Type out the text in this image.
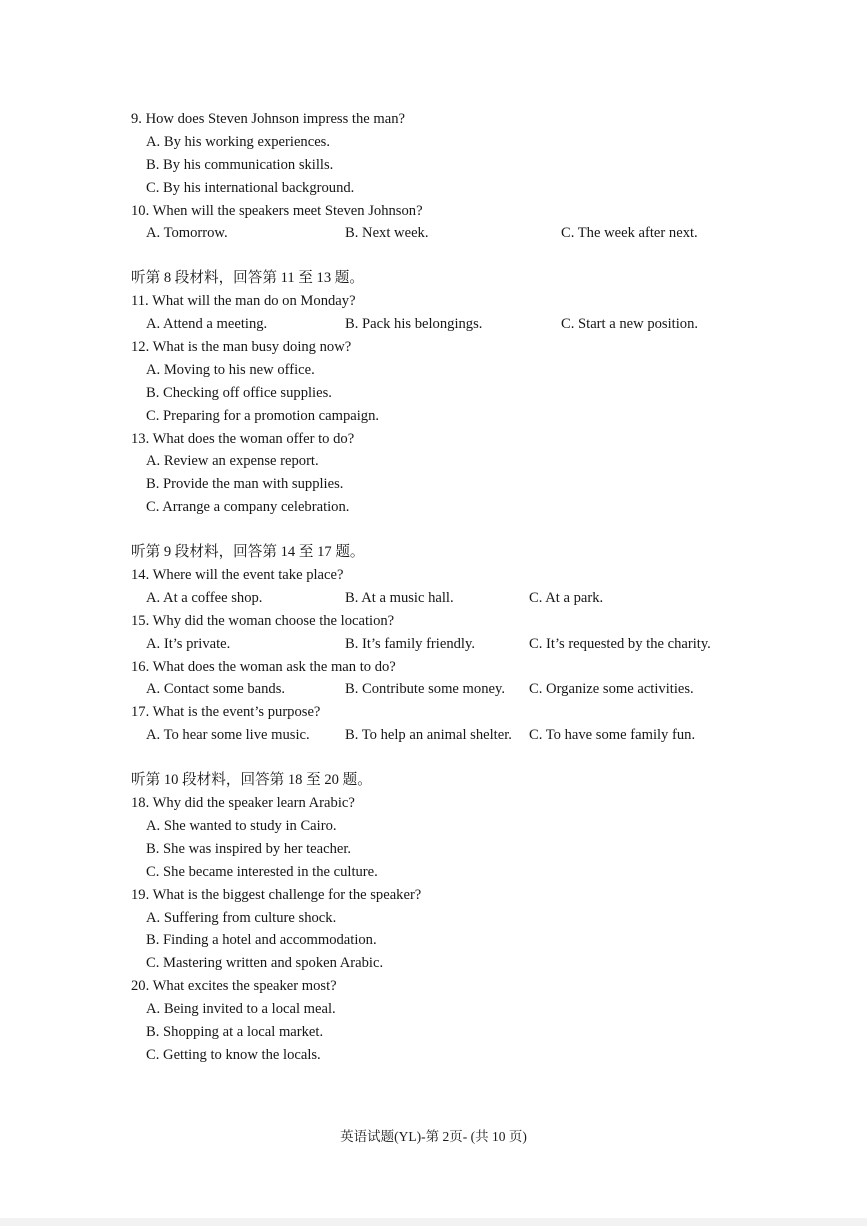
9. How does Steven Johnson impress the man?
A. By his working experiences.
B. By his communication skills.
C. By his international background.
10. When will the speakers meet Steven Johnson?
A. Tomorrow.	B. Next week.	C. The week after next.
听第 8 段材料，回答第 11 至 13 题。
11. What will the man do on Monday?
A. Attend a meeting.	B. Pack his belongings.	C. Start a new position.
12. What is the man busy doing now?
A. Moving to his new office.
B. Checking off office supplies.
C. Preparing for a promotion campaign.
13. What does the woman offer to do?
A. Review an expense report.
B. Provide the man with supplies.
C. Arrange a company celebration.
听第 9 段材料，回答第 14 至 17 题。
14. Where will the event take place?
A. At a coffee shop.	B. At a music hall.	C. At a park.
15. Why did the woman choose the location?
A. It’s private.	B. It’s family friendly.	C. It’s requested by the charity.
16. What does the woman ask the man to do?
A. Contact some bands.	B. Contribute some money. C. Organize some activities.
17. What is the event’s purpose?
A. To hear some live music. B. To help an animal shelter. C. To have some family fun.
听第 10 段材料，回答第 18 至 20 题。
18. Why did the speaker learn Arabic?
A. She wanted to study in Cairo.
B. She was inspired by her teacher.
C. She became interested in the culture.
19. What is the biggest challenge for the speaker?
A. Suffering from culture shock.
B. Finding a hotel and accommodation.
C. Mastering written and spoken Arabic.
20. What excites the speaker most?
A. Being invited to a local meal.
B. Shopping at a local market.
C. Getting to know the locals.
英语试题(YL)-第 2页- (共 10 页)
